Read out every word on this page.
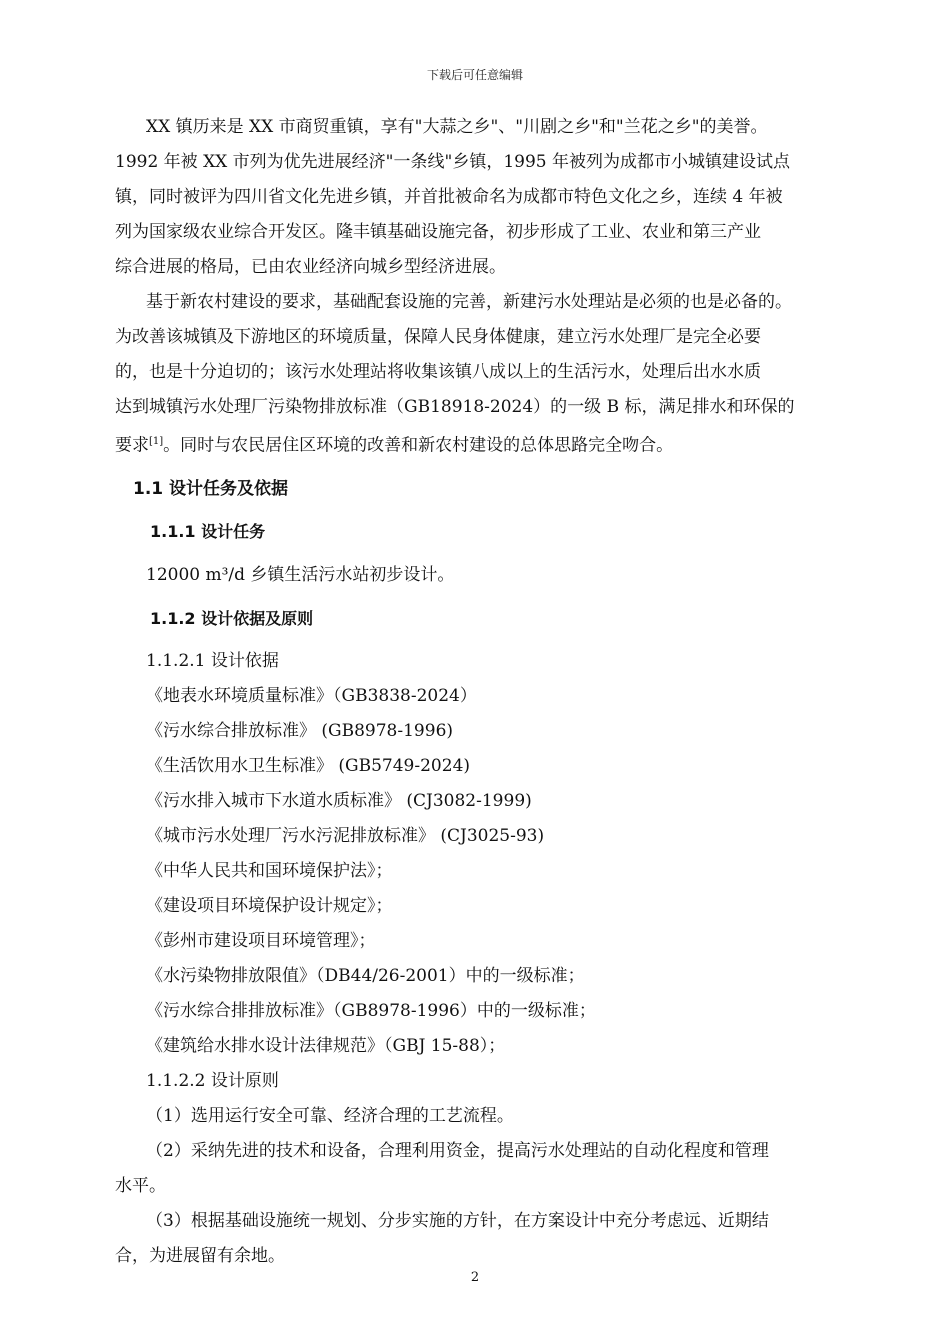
下载后可任意编辑
XX 镇历来是 XX 市商贸重镇，享有"大蒜之乡"、"川剧之乡"和"兰花之乡"的美誉。
1992 年被 XX 市列为优先进展经济"一条线"乡镇，1995 年被列为成都市小城镇建设试点
镇，同时被评为四川省文化先进乡镇，并首批被命名为成都市特色文化之乡，连续 4 年被
列为国家级农业综合开发区。隆丰镇基础设施完备，初步形成了工业、农业和第三产业
综合进展的格局，已由农业经济向城乡型经济进展。
基于新农村建设的要求，基础配套设施的完善，新建污水处理站是必须的也是必备的。
为改善该城镇及下游地区的环境质量，保障人民身体健康，建立污水处理厂是完全必要
的，也是十分迫切的；该污水处理站将收集该镇八成以上的生活污水，处理后出水水质
达到城镇污水处理厂污染物排放标准（GB18918-2024）的一级 B 标，满足排水和环保的
要求[1]。同时与农民居住区环境的改善和新农村建设的总体思路完全吻合。
1.1 设计任务及依据
1.1.1 设计任务
12000 m³/d 乡镇生活污水站初步设计。
1.1.2 设计依据及原则
1.1.2.1 设计依据
《地表水环境质量标准》（GB3838-2024）
《污水综合排放标准》 (GB8978-1996)
《生活饮用水卫生标准》 (GB5749-2024)
《污水排入城市下水道水质标准》 (CJ3082-1999)
《城市污水处理厂污水污泥排放标准》 (CJ3025-93)
《中华人民共和国环境保护法》；
《建设项目环境保护设计规定》；
《彭州市建设项目环境管理》；
《水污染物排放限值》（DB44/26-2001）中的一级标准；
《污水综合排排放标准》（GB8978-1996）中的一级标准；
《建筑给水排水设计法律规范》（GBJ 15-88）；
1.1.2.2 设计原则
（1）选用运行安全可靠、经济合理的工艺流程。
（2）采纳先进的技术和设备，合理利用资金，提高污水处理站的自动化程度和管理
水平。
（3）根据基础设施统一规划、分步实施的方针，在方案设计中充分考虑远、近期结
合，为进展留有余地。
2
